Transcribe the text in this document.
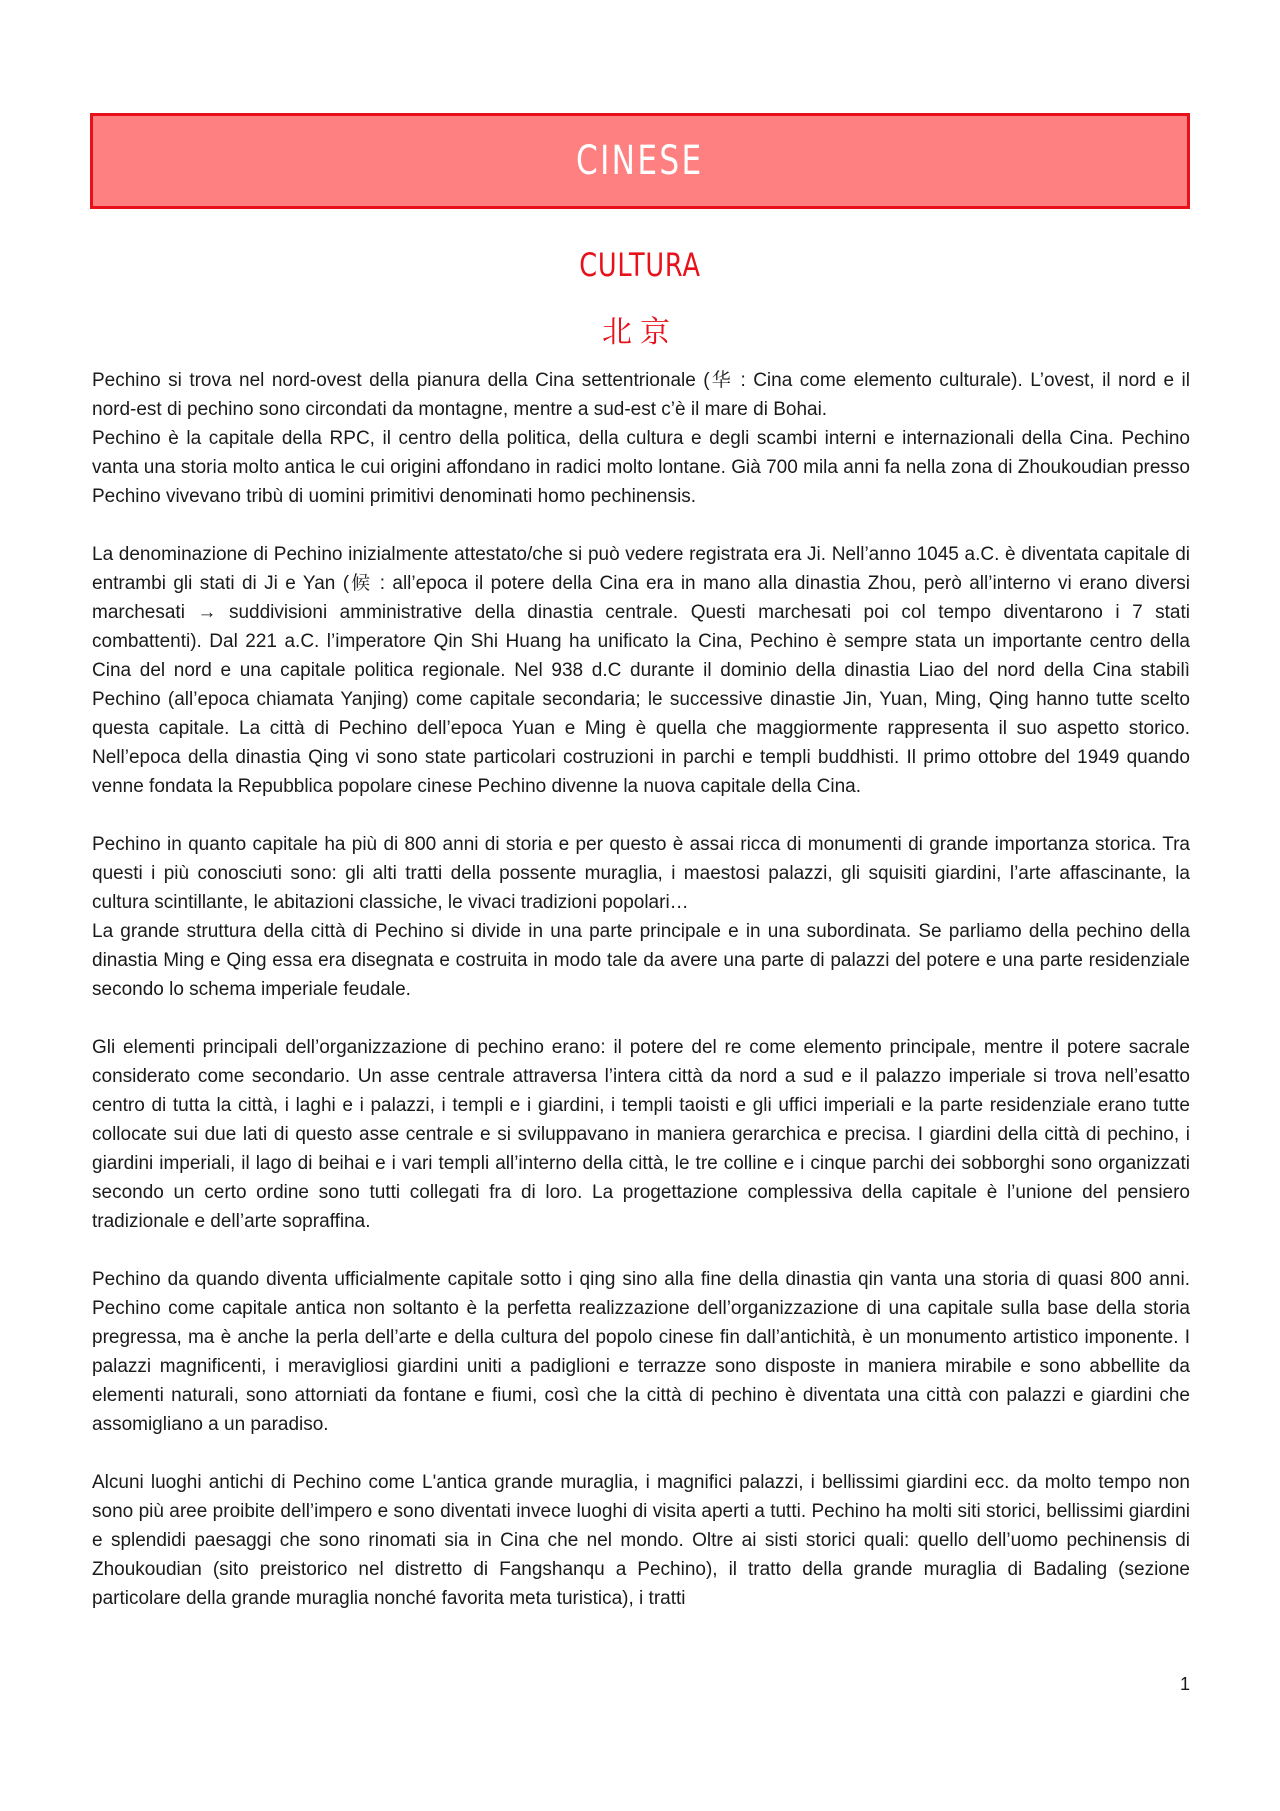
CINESE
CULTURA
北京

Pechino si trova nel nord-ovest della pianura della Cina settentrionale (华 : Cina come elemento culturale). L’ovest, il nord e il nord-est di pechino sono circondati da montagne, mentre a sud-est c’è il mare di Bohai.

Pechino è la capitale della RPC, il centro della politica, della cultura e degli scambi interni e internazionali della Cina. Pechino vanta una storia molto antica le cui origini affondano in radici molto lontane. Già 700 mila anni fa nella zona di Zhoukoudian presso Pechino vivevano tribù di uomini primitivi denominati homo pechinensis.

La denominazione di Pechino inizialmente attestato/che si può vedere registrata era Ji. Nell’anno 1045 a.C. è diventata capitale di entrambi gli stati di Ji e Yan (候 : all’epoca il potere della Cina era in mano alla dinastia Zhou, però all’interno vi erano diversi marchesati → suddivisioni amministrative della dinastia centrale. Questi marchesati poi col tempo diventarono i 7 stati combattenti). Dal 221 a.C. l’imperatore Qin Shi Huang ha unificato la Cina, Pechino è sempre stata un importante centro della Cina del nord e una capitale politica regionale. Nel 938 d.C durante il dominio della dinastia Liao del nord della Cina stabilì Pechino (all’epoca chiamata Yanjing) come capitale secondaria; le successive dinastie Jin, Yuan, Ming, Qing hanno tutte scelto questa capitale. La città di Pechino dell’epoca Yuan e Ming è quella che maggiormente rappresenta il suo aspetto storico. Nell’epoca della dinastia Qing vi sono state particolari costruzioni in parchi e templi buddhisti. Il primo ottobre del 1949 quando venne fondata la Repubblica popolare cinese Pechino divenne la nuova capitale della Cina.

Pechino in quanto capitale ha più di 800 anni di storia e per questo è assai ricca di monumenti di grande importanza storica. Tra questi i più conosciuti sono: gli alti tratti della possente muraglia, i maestosi palazzi, gli squisiti giardini, l’arte affascinante, la cultura scintillante, le abitazioni classiche, le vivaci tradizioni popolari…

La grande struttura della città di Pechino si divide in una parte principale e in una subordinata. Se parliamo della pechino della dinastia Ming e Qing essa era disegnata e costruita in modo tale da avere una parte di palazzi del potere e una parte residenziale secondo lo schema imperiale feudale.

Gli elementi principali dell’organizzazione di pechino erano: il potere del re come elemento principale, mentre il potere sacrale considerato come secondario. Un asse centrale attraversa l’intera città da nord a sud e il palazzo imperiale si trova nell’esatto centro di tutta la città, i laghi e i palazzi, i templi e i giardini, i templi taoisti e gli uffici imperiali e la parte residenziale erano tutte collocate sui due lati di questo asse centrale e si sviluppavano in maniera gerarchica e precisa. I giardini della città di pechino, i giardini imperiali, il lago di beihai e i vari templi all’interno della città, le tre colline e i cinque parchi dei sobborghi sono organizzati secondo un certo ordine sono tutti collegati fra di loro. La progettazione complessiva della capitale è l’unione del pensiero tradizionale e dell’arte sopraffina.

Pechino da quando diventa ufficialmente capitale sotto i qing sino alla fine della dinastia qin vanta una storia di quasi 800 anni. Pechino come capitale antica non soltanto è la perfetta realizzazione dell’organizzazione di una capitale sulla base della storia pregressa, ma è anche la perla dell’arte e della cultura del popolo cinese fin dall’antichità, è un monumento artistico imponente. I palazzi magnificenti, i meravigliosi giardini uniti a padiglioni e terrazze sono disposte in maniera mirabile e sono abbellite da elementi naturali, sono attorniati da fontane e fiumi, così che la città di pechino è diventata una città con palazzi e giardini che assomigliano a un paradiso.

Alcuni luoghi antichi di Pechino come L'antica grande muraglia, i magnifici palazzi, i bellissimi giardini ecc. da molto tempo non sono più aree proibite dell’impero e sono diventati invece luoghi di visita aperti a tutti. Pechino ha molti siti storici, bellissimi giardini e splendidi paesaggi che sono rinomati sia in Cina che nel mondo. Oltre ai sisti storici quali: quello dell’uomo pechinensis di Zhoukoudian (sito preistorico nel distretto di Fangshanqu a Pechino), il tratto della grande muraglia di Badaling (sezione particolare della grande muraglia nonché favorita meta turistica), i tratti

1
